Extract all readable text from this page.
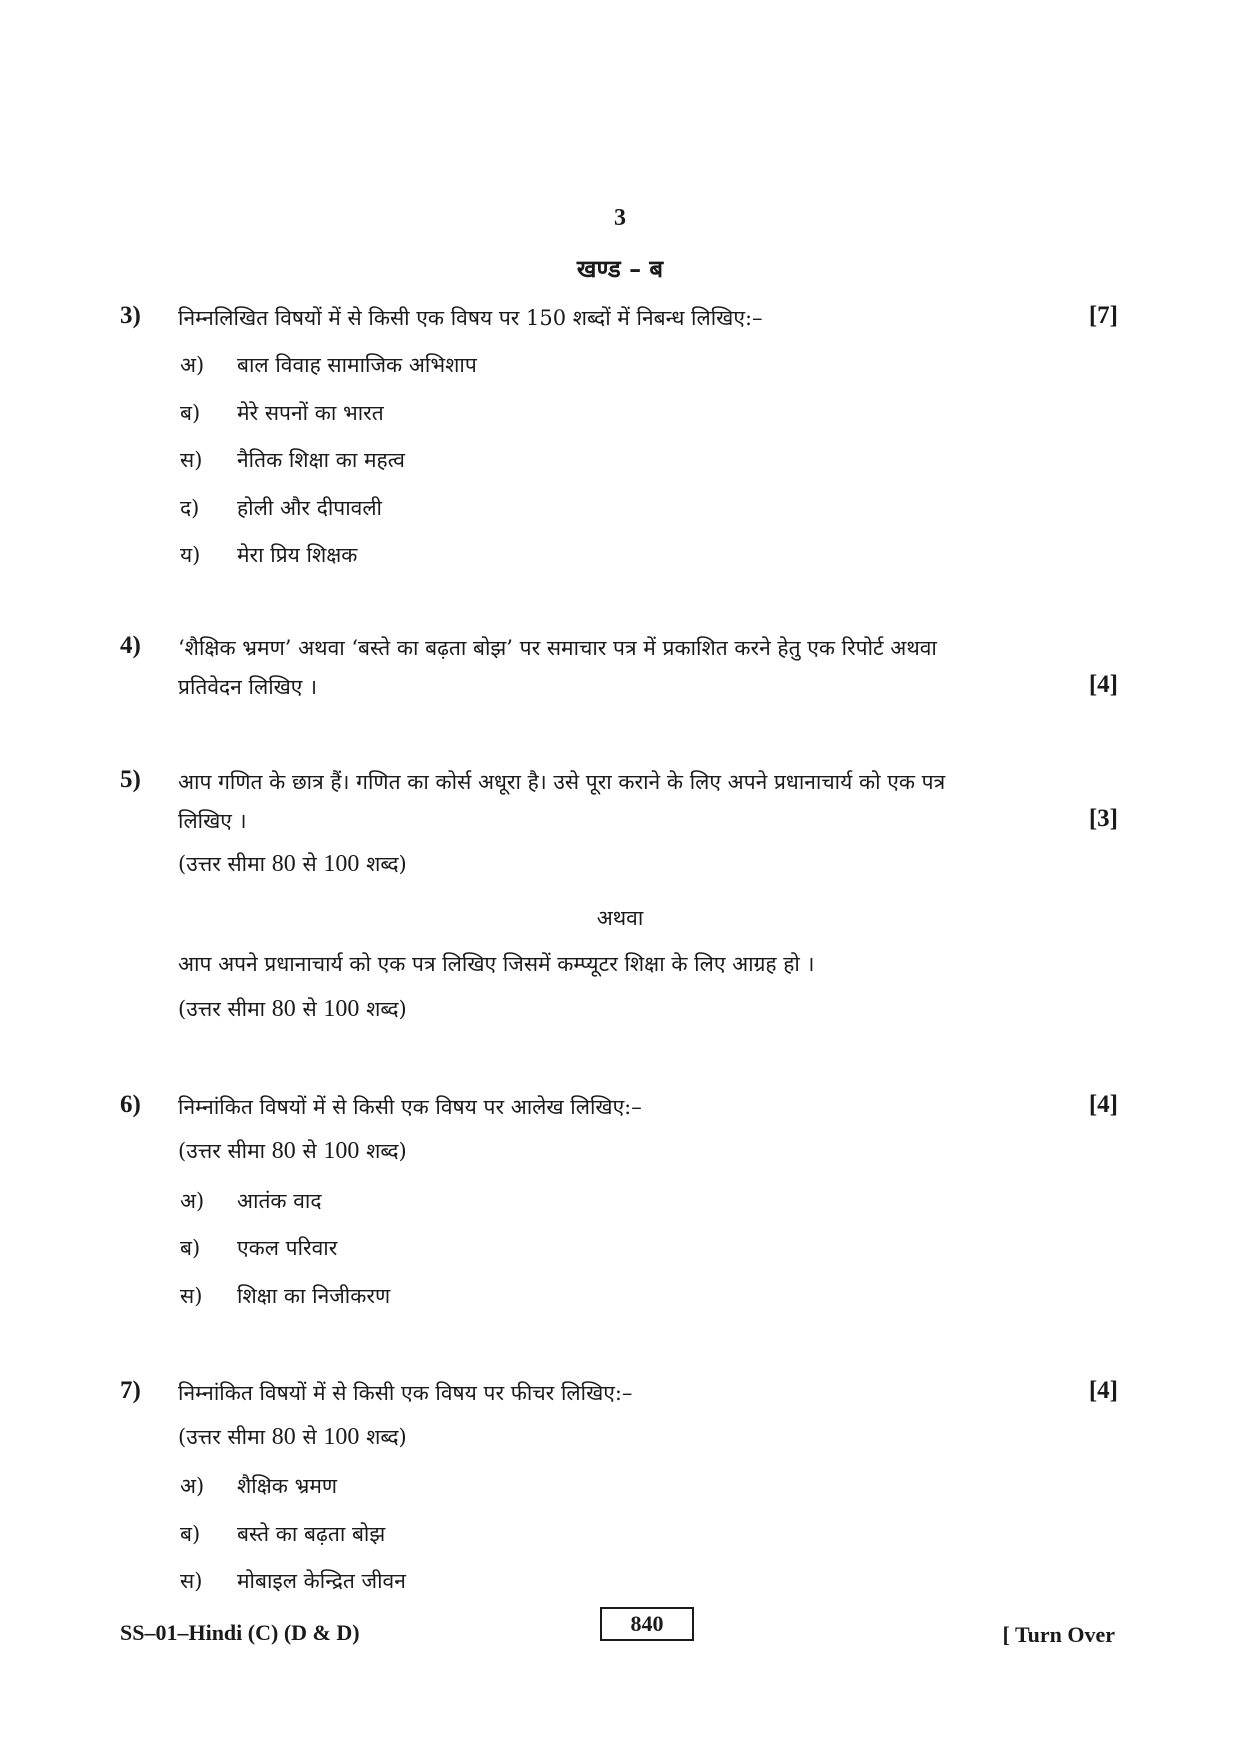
3
खण्ड – ब
3) निम्नलिखित विषयों में से किसी एक विषय पर 150 शब्दों में निबन्ध लिखिए:–	[7]
अ) बाल विवाह सामाजिक अभिशाप
ब) मेरे सपनों का भारत
स) नैतिक शिक्षा का महत्व
द) होली और दीपावली
य) मेरा प्रिय शिक्षक
4) ‘शैक्षिक भ्रमण’ अथवा ‘बस्ते का बढ़ता बोझ’ पर समाचार पत्र में प्रकाशित करने हेतु एक रिपोर्ट अथवा
प्रतिवेदन लिखिए ।	[4]
5) आप गणित के छात्र हैं। गणित का कोर्स अधूरा है। उसे पूरा कराने के लिए अपने प्रधानाचार्य को एक पत्र
लिखिए ।	[3]
(उत्तर सीमा 80 से 100 शब्द)
अथवा
आप अपने प्रधानाचार्य को एक पत्र लिखिए जिसमें कम्प्यूटर शिक्षा के लिए आग्रह हो ।
(उत्तर सीमा 80 से 100 शब्द)
6) निम्नांकित विषयों में से किसी एक विषय पर आलेख लिखिए:–	[4]
(उत्तर सीमा 80 से 100 शब्द)
अ) आतंक वाद
ब) एकल परिवार
स) शिक्षा का निजीकरण
7) निम्नांकित विषयों में से किसी एक विषय पर फीचर लिखिए:–	[4]
(उत्तर सीमा 80 से 100 शब्द)
अ) शैक्षिक भ्रमण
ब) बस्ते का बढ़ता बोझ
स) मोबाइल केन्द्रित जीवन
SS–01–Hindi (C) (D & D)	840	[ Turn Over
